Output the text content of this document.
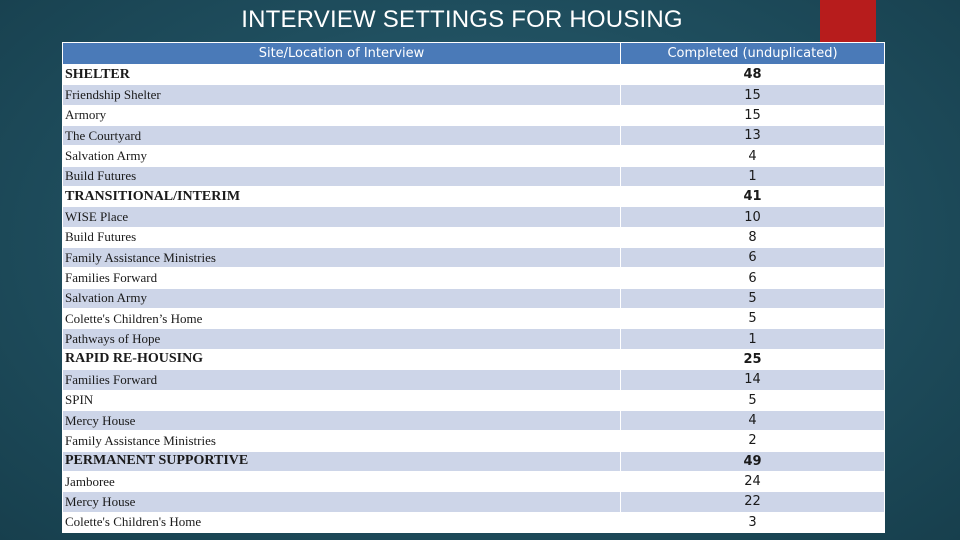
INTERVIEW SETTINGS FOR HOUSING
Site/Location of Interview	Completed (unduplicated)
SHELTER	48
Friendship Shelter	15
Armory	15
The Courtyard	13
Salvation Army	4
Build Futures	1
TRANSITIONAL/INTERIM	41
WISE Place	10
Build Futures	8
Family Assistance Ministries	6
Families Forward	6
Salvation Army	5
Colette's Children’s Home	5
Pathways of Hope	1
RAPID RE-HOUSING	25
Families Forward	14
SPIN	5
Mercy House	4
Family Assistance Ministries	2
PERMANENT SUPPORTIVE	49
Jamboree	24
Mercy House	22
Colette's Children's Home	3
